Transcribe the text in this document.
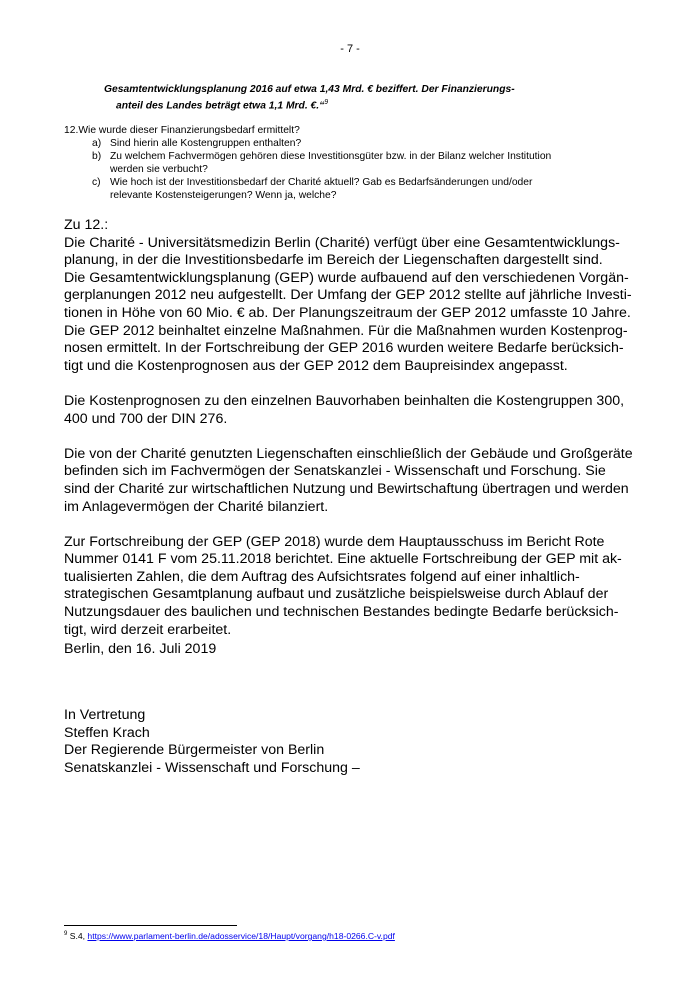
- 7 -
Gesamtentwicklungsplanung 2016 auf etwa 1,43 Mrd. € beziffert. Der Finanzierungs-
anteil des Landes beträgt etwa 1,1 Mrd. €.“$^9$
12.Wie wurde dieser Finanzierungsbedarf ermittelt?
a) Sind hierin alle Kostengruppen enthalten?
b) Zu welchem Fachvermögen gehören diese Investitionsgüter bzw. in der Bilanz welcher Institution
werden sie verbucht?
c) Wie hoch ist der Investitionsbedarf der Charité aktuell? Gab es Bedarfsänderungen und/oder
relevante Kostensteigerungen? Wenn ja, welche?

Zu 12.:

Die Charité - Universitätsmedizin Berlin (Charité) verfügt über eine Gesamtentwicklungs-
planung, in der die Investitionsbedarfe im Bereich der Liegenschaften dargestellt sind.
Die Gesamtentwicklungsplanung (GEP) wurde aufbauend auf den verschiedenen Vorgän-
gerplanungen 2012 neu aufgestellt. Der Umfang der GEP 2012 stellte auf jährliche Investi-
tionen in Höhe von 60 Mio. € ab. Der Planungszeitraum der GEP 2012 umfasste 10 Jahre.
Die GEP 2012 beinhaltet einzelne Maßnahmen. Für die Maßnahmen wurden Kostenprog-
nosen ermittelt. In der Fortschreibung der GEP 2016 wurden weitere Bedarfe berücksich-
tigt und die Kostenprognosen aus der GEP 2012 dem Baupreisindex angepasst.

Die Kostenprognosen zu den einzelnen Bauvorhaben beinhalten die Kostengruppen 300,
400 und 700 der DIN 276.

Die von der Charité genutzten Liegenschaften einschließlich der Gebäude und Großgeräte
befinden sich im Fachvermögen der Senatskanzlei - Wissenschaft und Forschung. Sie
sind der Charité zur wirtschaftlichen Nutzung und Bewirtschaftung übertragen und werden
im Anlagevermögen der Charité bilanziert.

Zur Fortschreibung der GEP (GEP 2018) wurde dem Hauptausschuss im Bericht Rote
Nummer 0141 F vom 25.11.2018 berichtet. Eine aktuelle Fortschreibung der GEP mit ak-
tualisierten Zahlen, die dem Auftrag des Aufsichtsrates folgend auf einer inhaltlich-
strategischen Gesamtplanung aufbaut und zusätzliche beispielsweise durch Ablauf der
Nutzungsdauer des baulichen und technischen Bestandes bedingte Bedarfe berücksich-
tigt, wird derzeit erarbeitet.

Berlin, den 16. Juli 2019
In Vertretung
Steffen Krach
Der Regierende Bürgermeister von Berlin
Senatskanzlei - Wissenschaft und Forschung –
$^9$ S.4, https://www.parlament-berlin.de/adosservice/18/Haupt/vorgang/h18-0266.C-v.pdf
